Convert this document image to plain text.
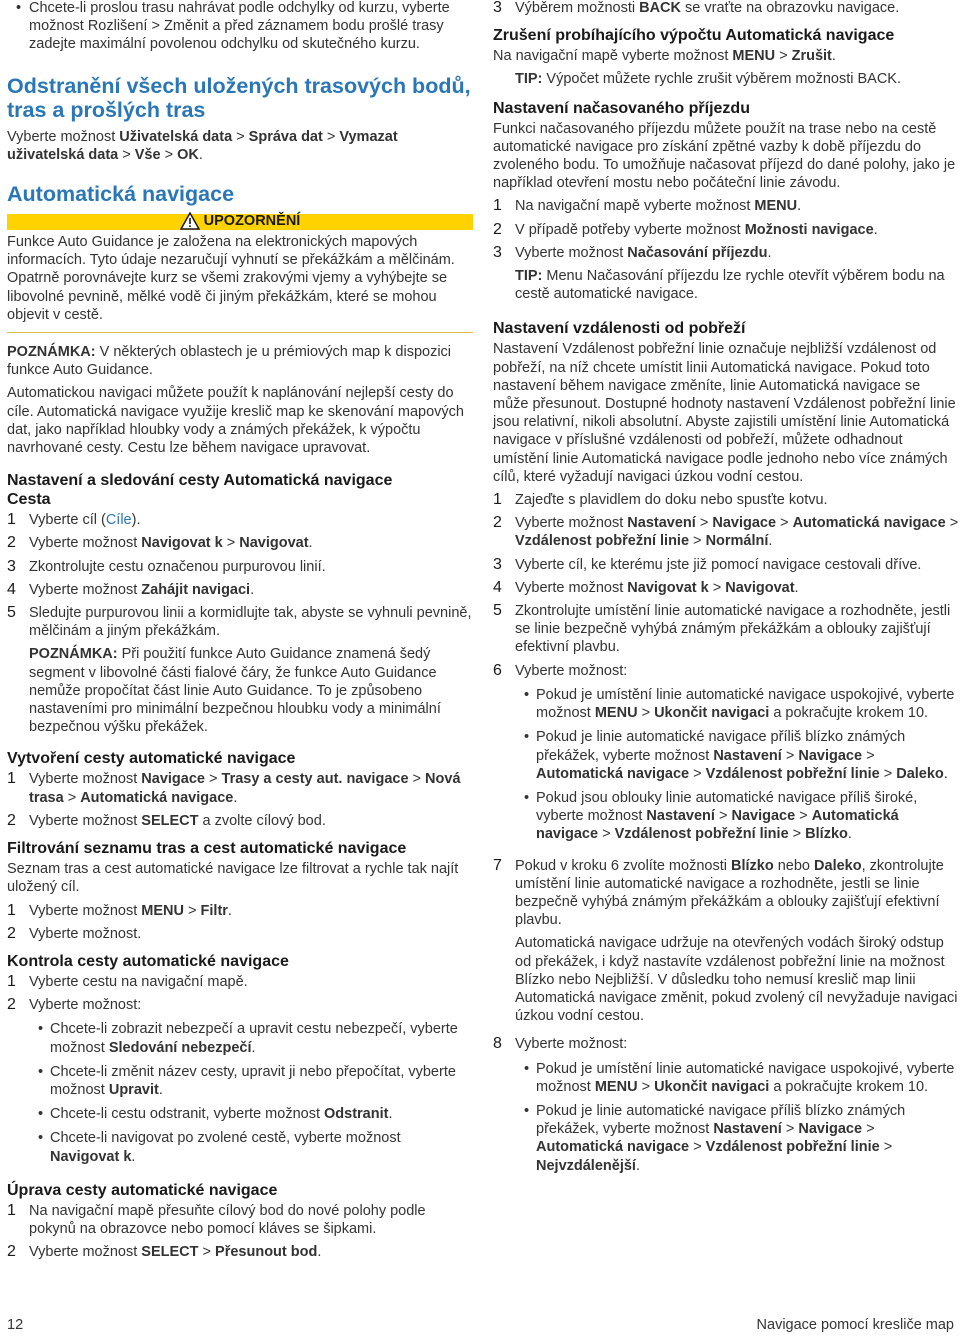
• Chcete-li proslou trasu nahrávat podle odchylky od kurzu, vyberte možnost Rozlišení > Změnit a před záznamem bodu prošlé trasy zadejte maximální povolenou odchylku od skutečného kurzu.
Odstranění všech uložených trasových bodů, tras a prošlých tras

Vyberte možnost Uživatelská data > Správa dat > Vymazat uživatelská data > Vše > OK.

Automatická navigace
UPOZORNĚNÍ

Funkce Auto Guidance je založena na elektronických mapových informacích. Tyto údaje nezaručují vyhnutí se překážkám a mělčinám. Opatrně porovnávejte kurz se všemi zrakovými vjemy a vyhýbejte se libovolné pevnině, mělké vodě či jiným překážkám, které se mohou objevit v cestě.

POZNÁMKA: V některých oblastech je u prémiových map k dispozici funkce Auto Guidance.

Automatickou navigaci můžete použít k naplánování nejlepší cesty do cíle. Automatická navigace využije kreslič map ke skenování mapových dat, jako například hloubky vody a známých překážek, k výpočtu navrhované cesty. Cestu lze během navigace upravovat.

Nastavení a sledování cesty Automatická navigace
Cesta
1 Vyberte cíl (Cíle).
2 Vyberte možnost Navigovat k > Navigovat.
3 Zkontrolujte cestu označenou purpurovou linií.
4 Vyberte možnost Zahájit navigaci.
5 Sledujte purpurovou linii a kormidlujte tak, abyste se vyhnuli pevnině, mělčinám a jiným překážkám.

POZNÁMKA: Při použití funkce Auto Guidance znamená šedý segment v libovolné části fialové čáry, že funkce Auto Guidance nemůže propočítat část linie Auto Guidance. To je způsobeno nastaveními pro minimální bezpečnou hloubku vody a minimální bezpečnou výšku překážek.

Vytvoření cesty automatické navigace
1 Vyberte možnost Navigace > Trasy a cesty aut. navigace > Nová trasa > Automatická navigace.
2 Vyberte možnost SELECT a zvolte cílový bod.
Filtrování seznamu tras a cest automatické navigace

Seznam tras a cest automatické navigace lze filtrovat a rychle tak najít uložený cíl.

1 Vyberte možnost MENU > Filtr.
2 Vyberte možnost.
Kontrola cesty automatické navigace
1 Vyberte cestu na navigační mapě.
2 Vyberte možnost:
• Chcete-li zobrazit nebezpečí a upravit cestu nebezpečí, vyberte možnost Sledování nebezpečí.
• Chcete-li změnit název cesty, upravit ji nebo přepočítat, vyberte možnost Upravit.
• Chcete-li cestu odstranit, vyberte možnost Odstranit.
• Chcete-li navigovat po zvolené cestě, vyberte možnost Navigovat k.
Úprava cesty automatické navigace
1 Na navigační mapě přesuňte cílový bod do nové polohy podle pokynů na obrazovce nebo pomocí kláves se šipkami.
2 Vyberte možnost SELECT > Přesunout bod.
3 Výběrem možnosti BACK se vraťte na obrazovku navigace.
Zrušení probíhajícího výpočtu Automatická navigace

Na navigační mapě vyberte možnost MENU > Zrušit.

TIP: Výpočet můžete rychle zrušit výběrem možnosti BACK.

Nastavení načasovaného příjezdu

Funkci načasovaného příjezdu můžete použít na trase nebo na cestě automatické navigace pro získání zpětné vazby k době příjezdu do zvoleného bodu. To umožňuje načasovat příjezd do dané polohy, jako je například otevření mostu nebo počáteční linie závodu.

1 Na navigační mapě vyberte možnost MENU.
2 V případě potřeby vyberte možnost Možnosti navigace.
3 Vyberte možnost Načasování příjezdu.

TIP: Menu Načasování příjezdu lze rychle otevřít výběrem bodu na cestě automatické navigace.

Nastavení vzdálenosti od pobřeží

Nastavení Vzdálenost pobřežní linie označuje nejbližší vzdálenost od pobřeží, na níž chcete umístit linii Automatická navigace. Pokud toto nastavení během navigace změníte, linie Automatická navigace se může přesunout. Dostupné hodnoty nastavení Vzdálenost pobřežní linie jsou relativní, nikoli absolutní. Abyste zajistili umístění linie Automatická navigace v příslušné vzdálenosti od pobřeží, můžete odhadnout umístění linie Automatická navigace podle jednoho nebo více známých cílů, které vyžadují navigaci úzkou vodní cestou.

1 Zajeďte s plavidlem do doku nebo spusťte kotvu.
2 Vyberte možnost Nastavení > Navigace > Automatická navigace > Vzdálenost pobřežní linie > Normální.
3 Vyberte cíl, ke kterému jste již pomocí navigace cestovali dříve.
4 Vyberte možnost Navigovat k > Navigovat.
5 Zkontrolujte umístění linie automatické navigace a rozhodněte, jestli se linie bezpečně vyhýbá známým překážkám a oblouky zajišťují efektivní plavbu.
6 Vyberte možnost:
• Pokud je umístění linie automatické navigace uspokojivé, vyberte možnost MENU > Ukončit navigaci a pokračujte krokem 10.
• Pokud je linie automatické navigace příliš blízko známých překážek, vyberte možnost Nastavení > Navigace > Automatická navigace > Vzdálenost pobřežní linie > Daleko.
• Pokud jsou oblouky linie automatické navigace příliš široké, vyberte možnost Nastavení > Navigace > Automatická navigace > Vzdálenost pobřežní linie > Blízko.
7 Pokud v kroku 6 zvolíte možnosti Blízko nebo Daleko, zkontrolujte umístění linie automatické navigace a rozhodněte, jestli se linie bezpečně vyhýbá známým překážkám a oblouky zajišťují efektivní plavbu.

Automatická navigace udržuje na otevřených vodách široký odstup od překážek, i když nastavíte vzdálenost pobřežní linie na možnost Blízko nebo Nejbližší. V důsledku toho nemusí kreslič map linii Automatická navigace změnit, pokud zvolený cíl nevyžaduje navigaci úzkou vodní cestou.

8 Vyberte možnost:
• Pokud je umístění linie automatické navigace uspokojivé, vyberte možnost MENU > Ukončit navigaci a pokračujte krokem 10.
• Pokud je linie automatické navigace příliš blízko známých překážek, vyberte možnost Nastavení > Navigace > Automatická navigace > Vzdálenost pobřežní linie > Nejvzdálenější.
12	Navigace pomocí kresliče map
